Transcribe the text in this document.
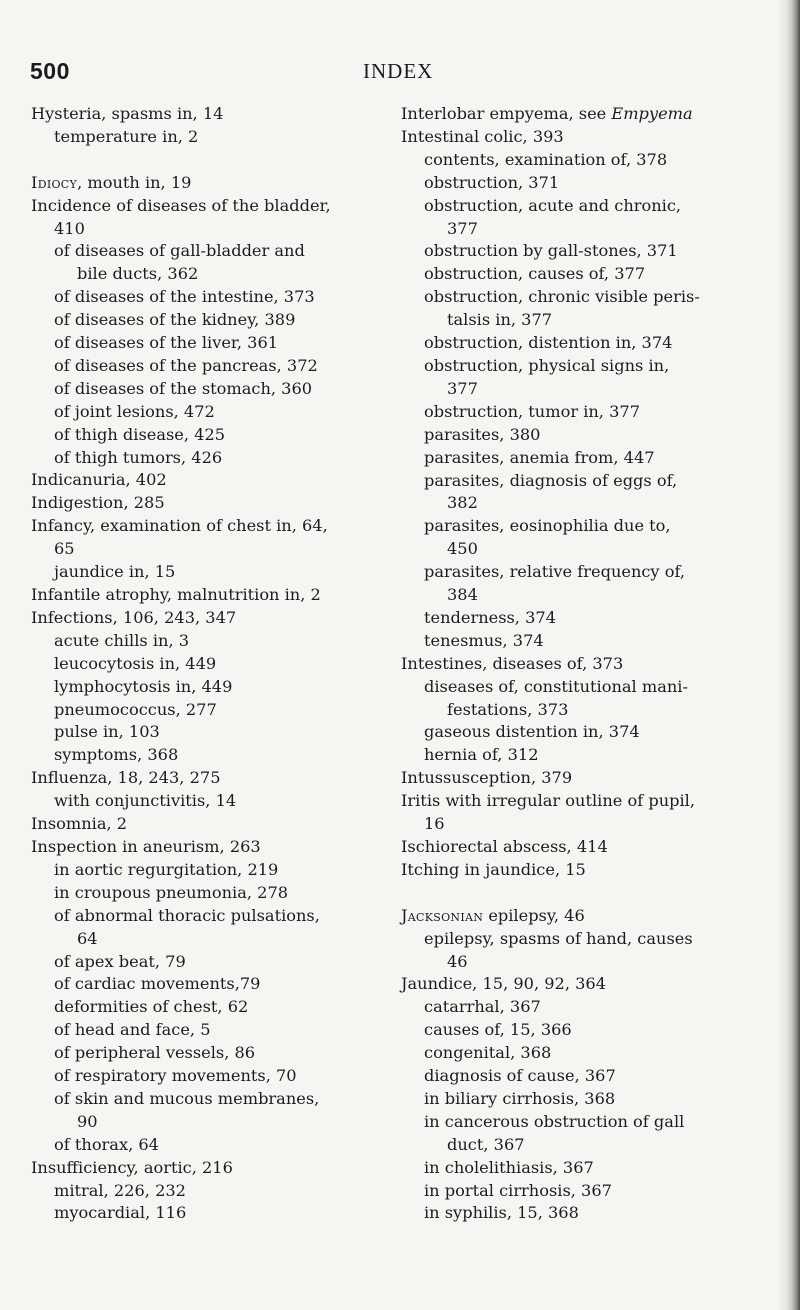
500	INDEX
Hysteria, spasms in, 14
temperature in, 2
Idiocy, mouth in, 19
Incidence of diseases of the bladder,
410
of diseases of gall-bladder and
bile ducts, 362
of diseases of the intestine, 373
of diseases of the kidney, 389
of diseases of the liver, 361
of diseases of the pancreas, 372
of diseases of the stomach, 360
of joint lesions, 472
of thigh disease, 425
of thigh tumors, 426
Indicanuria, 402
Indigestion, 285
Infancy, examination of chest in, 64,
65
jaundice in, 15
Infantile atrophy, malnutrition in, 2
Infections, 106, 243, 347
acute chills in, 3
leucocytosis in, 449
lymphocytosis in, 449
pneumococcus, 277
pulse in, 103
symptoms, 368
Influenza, 18, 243, 275
with conjunctivitis, 14
Insomnia, 2
Inspection in aneurism, 263
in aortic regurgitation, 219
in croupous pneumonia, 278
of abnormal thoracic pulsations,
64
of apex beat, 79
of cardiac movements,79
deformities of chest, 62
of head and face, 5
of peripheral vessels, 86
of respiratory movements, 70
of skin and mucous membranes,
90
of thorax, 64
Insufficiency, aortic, 216
mitral, 226, 232
myocardial, 116
Interlobar empyema, see Empyema
Intestinal colic, 393
contents, examination of, 378
obstruction, 371
obstruction, acute and chronic,
377
obstruction by gall-stones, 371
obstruction, causes of, 377
obstruction, chronic visible peris-
talsis in, 377
obstruction, distention in, 374
obstruction, physical signs in,
377
obstruction, tumor in, 377
parasites, 380
parasites, anemia from, 447
parasites, diagnosis of eggs of,
382
parasites, eosinophilia due to,
450
parasites, relative frequency of,
384
tenderness, 374
tenesmus, 374
Intestines, diseases of, 373
diseases of, constitutional mani-
festations, 373
gaseous distention in, 374
hernia of, 312
Intussusception, 379
Iritis with irregular outline of pupil,
16
Ischiorectal abscess, 414
Itching in jaundice, 15
Jacksonian epilepsy, 46
epilepsy, spasms of hand, causes
46
Jaundice, 15, 90, 92, 364
catarrhal, 367
causes of, 15, 366
congenital, 368
diagnosis of cause, 367
in biliary cirrhosis, 368
in cancerous obstruction of gall
duct, 367
in cholelithiasis, 367
in portal cirrhosis, 367
in syphilis, 15, 368
